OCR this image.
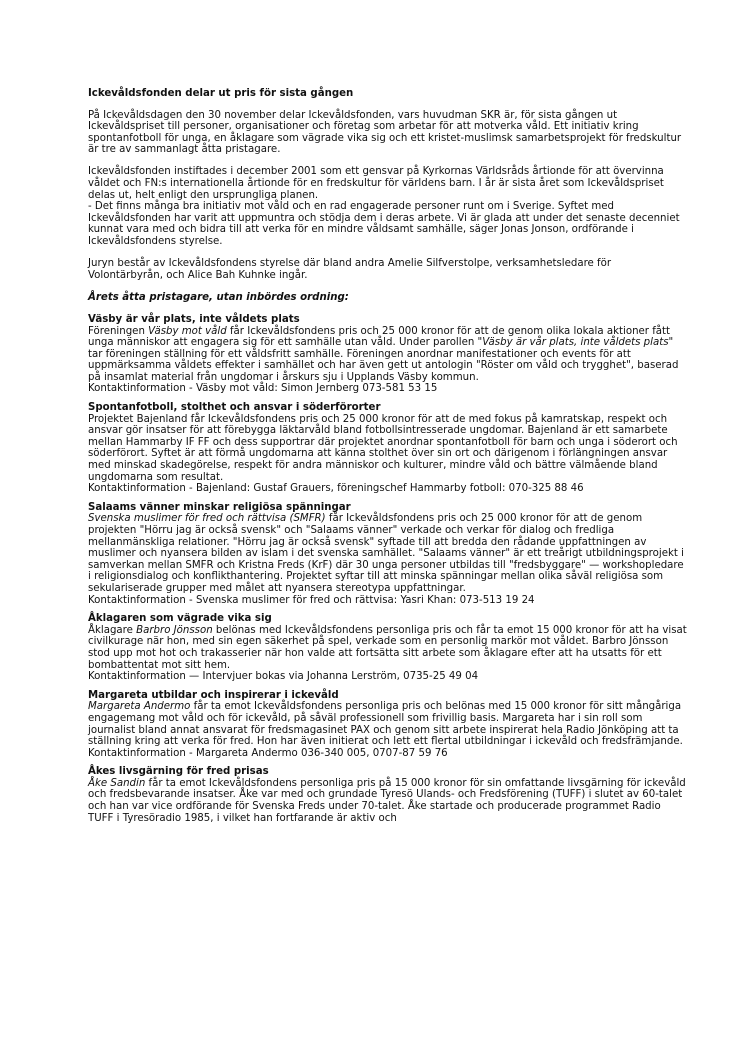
Ickevåldsfonden delar ut pris för sista gången

På Ickevåldsdagen den 30 november delar Ickevåldsfonden, vars huvudman SKR är, för sista gången ut Ickevåldspriset till personer, organisationer och företag som arbetar för att motverka våld. Ett initiativ kring spontanfotboll för unga, en åklagare som vägrade vika sig och ett kristet-muslimsk samarbetsprojekt för fredskultur är tre av sammanlagt åtta pristagare.

Ickevåldsfonden instiftades i december 2001 som ett gensvar på Kyrkornas Världsråds årtionde för att övervinna våldet och FN:s internationella årtionde för en fredskultur för världens barn. I år är sista året som Ickevåldspriset delas ut, helt enligt den ursprungliga planen.
- Det finns många bra initiativ mot våld och en rad engagerade personer runt om i Sverige. Syftet med Ickevåldsfonden har varit att uppmuntra och stödja dem i deras arbete. Vi är glada att under det senaste decenniet kunnat vara med och bidra till att verka för en mindre våldsamt samhälle, säger Jonas Jonson, ordförande i Ickevåldsfondens styrelse.

Juryn består av Ickevåldsfondens styrelse där bland andra Amelie Silfverstolpe, verksamhetsledare för Volontärbyrån, och Alice Bah Kuhnke ingår.

Årets åtta pristagare, utan inbördes ordning:
Väsby är vår plats, inte våldets plats

Föreningen Väsby mot våld får Ickevåldsfondens pris och 25 000 kronor för att de genom olika lokala aktioner fått unga människor att engagera sig för ett samhälle utan våld. Under parollen "Väsby är vår plats, inte våldets plats" tar föreningen ställning för ett våldsfritt samhälle. Föreningen anordnar manifestationer och events för att uppmärksamma våldets effekter i samhället och har även gett ut antologin "Röster om våld och trygghet", baserad på insamlat material från ungdomar i årskurs sju i Upplands Väsby kommun.

Kontaktinformation - Väsby mot våld: Simon Jernberg 073-581 53 15

Spontanfotboll, stolthet och ansvar i söderförorter

Projektet Bajenland får Ickevåldsfondens pris och 25 000 kronor för att de med fokus på kamratskap, respekt och ansvar gör insatser för att förebygga läktarvåld bland fotbollsintresserade ungdomar. Bajenland är ett samarbete mellan Hammarby IF FF och dess supportrar där projektet anordnar spontanfotboll för barn och unga i söderort och söderförort. Syftet är att förmå ungdomarna att känna stolthet över sin ort och därigenom i förlängningen ansvar med minskad skadegörelse, respekt för andra människor och kulturer, mindre våld och bättre välmående bland ungdomarna som resultat.

Kontaktinformation - Bajenland: Gustaf Grauers, föreningschef Hammarby fotboll: 070-325 88 46

Salaams vänner minskar religiösa spänningar

Svenska muslimer för fred och rättvisa (SMFR) får Ickevåldsfondens pris och 25 000 kronor för att de genom projekten "Hörru jag är också svensk" och "Salaams vänner" verkade och verkar för dialog och fredliga mellanmänskliga relationer. "Hörru jag är också svensk" syftade till att bredda den rådande uppfattningen av muslimer och nyansera bilden av islam i det svenska samhället. "Salaams vänner" är ett treårigt utbildningsprojekt i samverkan mellan SMFR och Kristna Freds (KrF) där 30 unga personer utbildas till "fredsbyggare" — workshopledare i religionsdialog och konflikthantering. Projektet syftar till att minska spänningar mellan olika såväl religiösa som sekulariserade grupper med målet att nyansera stereotypa uppfattningar.

Kontaktinformation - Svenska muslimer för fred och rättvisa: Yasri Khan: 073-513 19 24

Åklagaren som vägrade vika sig

Åklagare Barbro Jönsson belönas med Ickevåldsfondens personliga pris och får ta emot 15 000 kronor för att ha visat civilkurage när hon, med sin egen säkerhet på spel, verkade som en personlig markör mot våldet. Barbro Jönsson stod upp mot hot och trakasserier när hon valde att fortsätta sitt arbete som åklagare efter att ha utsatts för ett bombattentat mot sitt hem.

Kontaktinformation — Intervjuer bokas via Johanna Lerström, 0735-25 49 04

Margareta utbildar och inspirerar i ickevåld

Margareta Andermo får ta emot Ickevåldsfondens personliga pris och belönas med 15 000 kronor för sitt mångåriga engagemang mot våld och för ickevåld, på såväl professionell som frivillig basis. Margareta har i sin roll som journalist bland annat ansvarat för fredsmagasinet PAX och genom sitt arbete inspirerat hela Radio Jönköping att ta ställning kring att verka för fred. Hon har även initierat och lett ett flertal utbildningar i ickevåld och fredsfrämjande.

Kontaktinformation - Margareta Andermo 036-340 005, 0707-87 59 76

Åkes livsgärning för fred prisas

Åke Sandin får ta emot Ickevåldsfondens personliga pris på 15 000 kronor för sin omfattande livsgärning för ickevåld och fredsbevarande insatser. Åke var med och grundade Tyresö Ulands- och Fredsförening (TUFF) i slutet av 60-talet och han var vice ordförande för Svenska Freds under 70-talet. Åke startade och producerade programmet Radio TUFF i Tyresöradio 1985, i vilket han fortfarande är aktiv och
